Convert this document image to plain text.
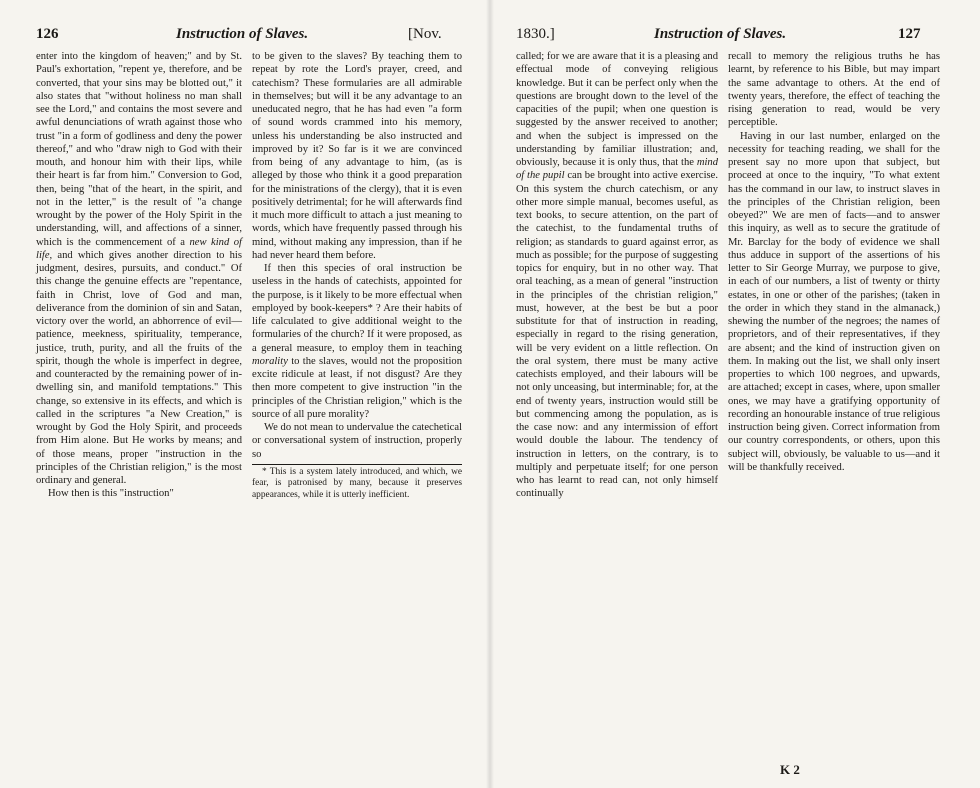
126	Instruction of Slaves.	[Nov.

enter into the kingdom of heaven;" and by St. Paul's exhortation, "repent ye, therefore, and be converted, that your sins may be blotted out," it also states that "without holiness no man shall see the Lord," and contains the most severe and awful denunciations of wrath against those who trust "in a form of godliness and deny the power thereof," and who "draw nigh to God with their mouth, and honour him with their lips, while their heart is far from him." Conversion to God, then, being "that of the heart, in the spirit, and not in the letter," is the result of "a change wrought by the power of the Holy Spirit in the understanding, will, and affections of a sinner, which is the commencement of a new kind of life, and which gives another direction to his judgment, desires, pursuits, and conduct." Of this change the genuine effects are "repentance, faith in Christ, love of God and man, deliverance from the dominion of sin and Satan, victory over the world, an abhorrence of evil—patience, meekness, spirituality, temperance, justice, truth, purity, and all the fruits of the spirit, though the whole is imperfect in degree, and counteracted by the remaining power of in-dwelling sin, and manifold temptations." This change, so extensive in its effects, and which is called in the scriptures "a New Creation," is wrought by God the Holy Spirit, and proceeds from Him alone. But He works by means; and of those means, proper "instruction in the principles of the Christian religion," is the most ordinary and general.

How then is this "instruction"

to be given to the slaves? By teaching them to repeat by rote the Lord's prayer, creed, and catechism? These formularies are all admirable in themselves; but will it be any advantage to an uneducated negro, that he has had even "a form of sound words crammed into his memory, unless his understanding be also instructed and improved by it? So far is it we are convinced from being of any advantage to him, (as is alleged by those who think it a good preparation for the ministrations of the clergy), that it is even positively detrimental; for he will afterwards find it much more difficult to attach a just meaning to words, which have frequently passed through his mind, without making any impression, than if he had never heard them before.

If then this species of oral instruction be useless in the hands of catechists, appointed for the purpose, is it likely to be more effectual when employed by book-keepers* ? Are their habits of life calculated to give additional weight to the formularies of the church? If it were proposed, as a general measure, to employ them in teaching morality to the slaves, would not the proposition excite ridicule at least, if not disgust? Are they then more competent to give instruction "in the principles of the Christian religion," which is the source of all pure morality?

We do not mean to undervalue the catechetical or conversational system of instruction, properly so

* This is a system lately introduced, and which, we fear, is patronised by many, because it preserves appearances, while it is utterly inefficient.

1830.]	Instruction of Slaves.	127

called; for we are aware that it is a pleasing and effectual mode of conveying religious knowledge. But it can be perfect only when the questions are brought down to the level of the capacities of the pupil; when one question is suggested by the answer received to another; and when the subject is impressed on the understanding by familiar illustration; and, obviously, because it is only thus, that the mind of the pupil can be brought into active exercise. On this system the church catechism, or any other more simple manual, becomes useful, as text books, to secure attention, on the part of the catechist, to the fundamental truths of religion; as standards to guard against error, as much as possible; for the purpose of suggesting topics for enquiry, but in no other way. That oral teaching, as a mean of general "instruction in the principles of the christian religion," must, however, at the best be but a poor substitute for that of instruction in reading, especially in regard to the rising generation, will be very evident on a little reflection. On the oral system, there must be many active catechists employed, and their labours will be not only unceasing, but interminable; for, at the end of twenty years, instruction would still be but commencing among the population, as is the case now: and any intermission of effort would double the labour. The tendency of instruction in letters, on the contrary, is to multiply and perpetuate itself; for one person who has learnt to read can, not only himself continually

recall to memory the religious truths he has learnt, by reference to his Bible, but may impart the same advantage to others. At the end of twenty years, therefore, the effect of teaching the rising generation to read, would be very perceptible.

Having in our last number, enlarged on the necessity for teaching reading, we shall for the present say no more upon that subject, but proceed at once to the inquiry, "To what extent has the command in our law, to instruct slaves in the principles of the Christian religion, been obeyed?" We are men of facts—and to answer this inquiry, as well as to secure the gratitude of Mr. Barclay for the body of evidence we shall thus adduce in support of the assertions of his letter to Sir George Murray, we purpose to give, in each of our numbers, a list of twenty or thirty estates, in one or other of the parishes; (taken in the order in which they stand in the almanack,) shewing the number of the negroes; the names of proprietors, and of their representatives, if they are absent; and the kind of instruction given on them. In making out the list, we shall only insert properties to which 100 negroes, and upwards, are attached; except in cases, where, upon smaller ones, we may have a gratifying opportunity of recording an honourable instance of true religious instruction being given. Correct information from our country correspondents, or others, upon this subject will, obviously, be valuable to us—and it will be thankfully received.

K 2
